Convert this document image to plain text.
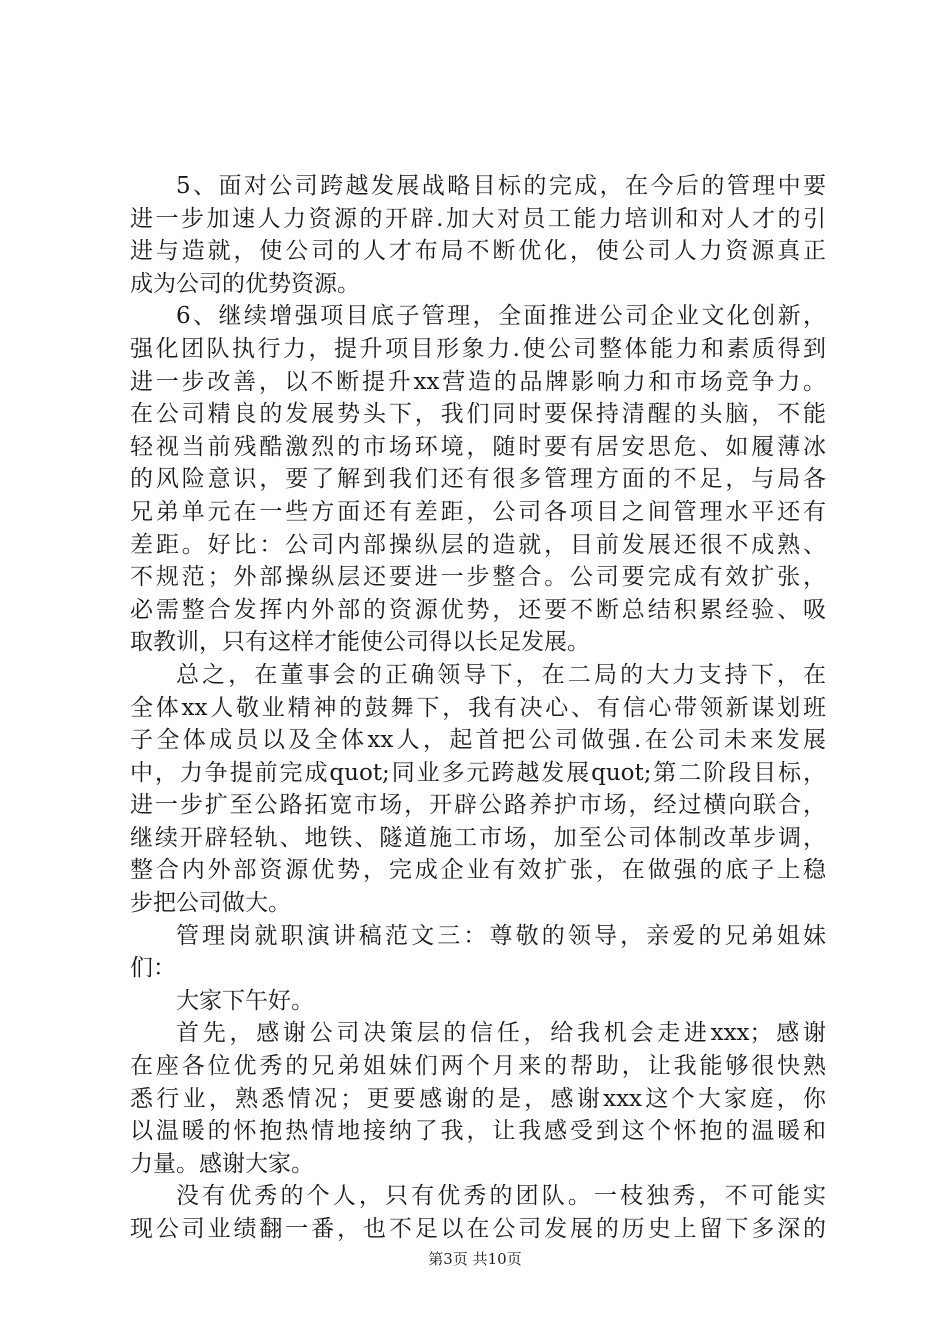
5、面对公司跨越发展战略目标的完成，在今后的管理中要
进一步加速人力资源的开辟.加大对员工能力培训和对人才的引
进与造就，使公司的人才布局不断优化，使公司人力资源真正
成为公司的优势资源。
6、继续增强项目底子管理，全面推进公司企业文化创新，
强化团队执行力，提升项目形象力.使公司整体能力和素质得到
进一步改善，以不断提升xx营造的品牌影响力和市场竞争力。
在公司精良的发展势头下，我们同时要保持清醒的头脑，不能
轻视当前残酷激烈的市场环境，随时要有居安思危、如履薄冰
的风险意识，要了解到我们还有很多管理方面的不足，与局各
兄弟单元在一些方面还有差距，公司各项目之间管理水平还有
差距。好比：公司内部操纵层的造就，目前发展还很不成熟、
不规范；外部操纵层还要进一步整合。公司要完成有效扩张，
必需整合发挥内外部的资源优势，还要不断总结积累经验、吸
取教训，只有这样才能使公司得以长足发展。
总之，在董事会的正确领导下，在二局的大力支持下，在
全体xx人敬业精神的鼓舞下，我有决心、有信心带领新谋划班
子全体成员以及全体xx人，起首把公司做强.在公司未来发展
中，力争提前完成quot;同业多元跨越发展quot;第二阶段目标，
进一步扩至公路拓宽市场，开辟公路养护市场，经过横向联合，
继续开辟轻轨、地铁、隧道施工市场，加至公司体制改革步调，
整合内外部资源优势，完成企业有效扩张，在做强的底子上稳
步把公司做大。
管理岗就职演讲稿范文三：尊敬的领导，亲爱的兄弟姐妹
们：
大家下午好。
首先，感谢公司决策层的信任，给我机会走进xxx；感谢
在座各位优秀的兄弟姐妹们两个月来的帮助，让我能够很快熟
悉行业，熟悉情况；更要感谢的是，感谢xxx这个大家庭，你
以温暖的怀抱热情地接纳了我，让我感受到这个怀抱的温暖和
力量。感谢大家。
没有优秀的个人，只有优秀的团队。一枝独秀，不可能实
现公司业绩翻一番，也不足以在公司发展的历史上留下多深的
第3页 共10页
